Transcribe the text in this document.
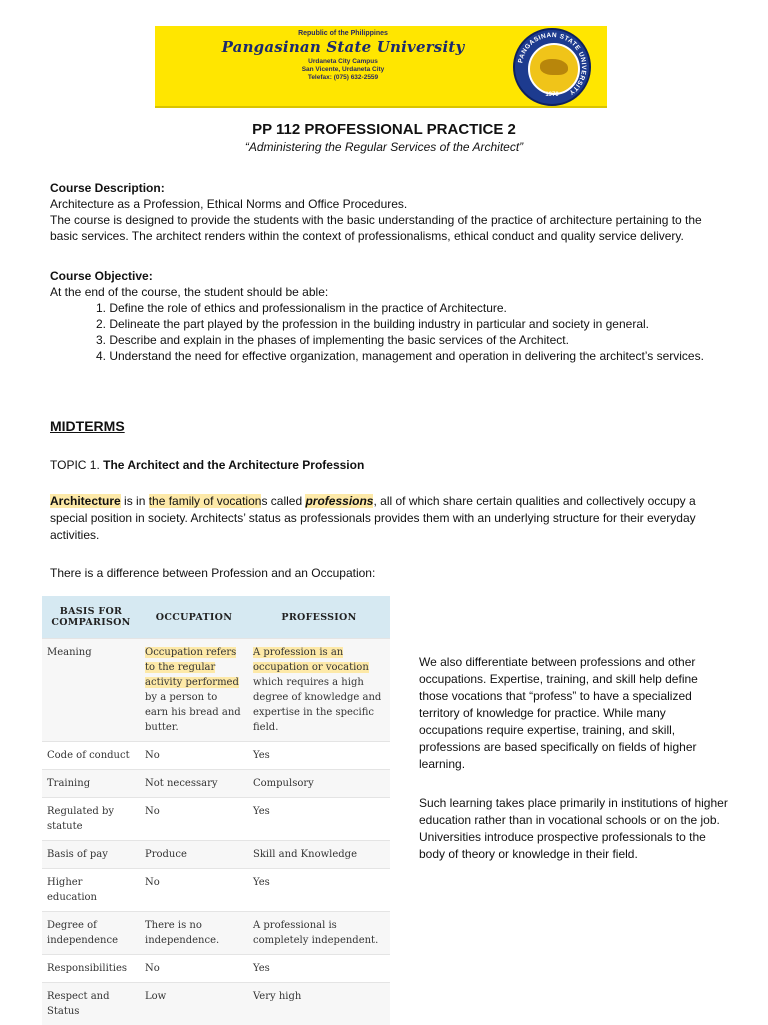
Republic of the Philippines
Pangasinan State University
Urdaneta City Campus
San Vicente, Urdaneta City
Telefax: (075) 632-2559
PANGASINAN STATE UNIVERSITY
1979
PP 112 PROFESSIONAL PRACTICE 2
“Administering the Regular Services of the Architect”
Course Description:

Architecture as a Profession, Ethical Norms and Office Procedures.

The course is designed to provide the students with the basic understanding of the practice of architecture pertaining to the basic services. The architect renders within the context of professionalisms, ethical conduct and quality service delivery.

Course Objective:

At the end of the course, the student should be able:

1. Define the role of ethics and professionalism in the practice of Architecture.
2. Delineate the part played by the profession in the building industry in particular and society in general.
3. Describe and explain in the phases of implementing the basic services of the Architect.
4. Understand the need for effective organization, management and operation in delivering the architect’s services.
MIDTERMS
TOPIC 1. The Architect and the Architecture Profession
Architecture is in the family of vocations called professions, all of which share certain qualities and collectively occupy a special position in society. Architects’ status as professionals provides them with an underlying structure for their everyday activities.
There is a difference between Profession and an Occupation:
BASIS FOR COMPARISON	OCCUPATION	PROFESSION
Meaning	Occupation refers to the regular activity performed by a person to earn his bread and butter.	A profession is an occupation or vocation which requires a high degree of knowledge and expertise in the specific field.
Code of conduct	No	Yes
Training	Not necessary	Compulsory
Regulated by statute	No	Yes
Basis of pay	Produce	Skill and Knowledge
Higher education	No	Yes
Degree of independence	There is no independence.	A professional is completely independent.
Responsibilities	No	Yes
Respect and Status	Low	Very high
We also differentiate between professions and other occupations. Expertise, training, and skill help define those vocations that “profess” to have a specialized territory of knowledge for practice. While many occupations require expertise, training, and skill, professions are based specifically on fields of higher learning.
Such learning takes place primarily in institutions of higher education rather than in vocational schools or on the job. Universities introduce prospective professionals to the body of theory or knowledge in their field.
